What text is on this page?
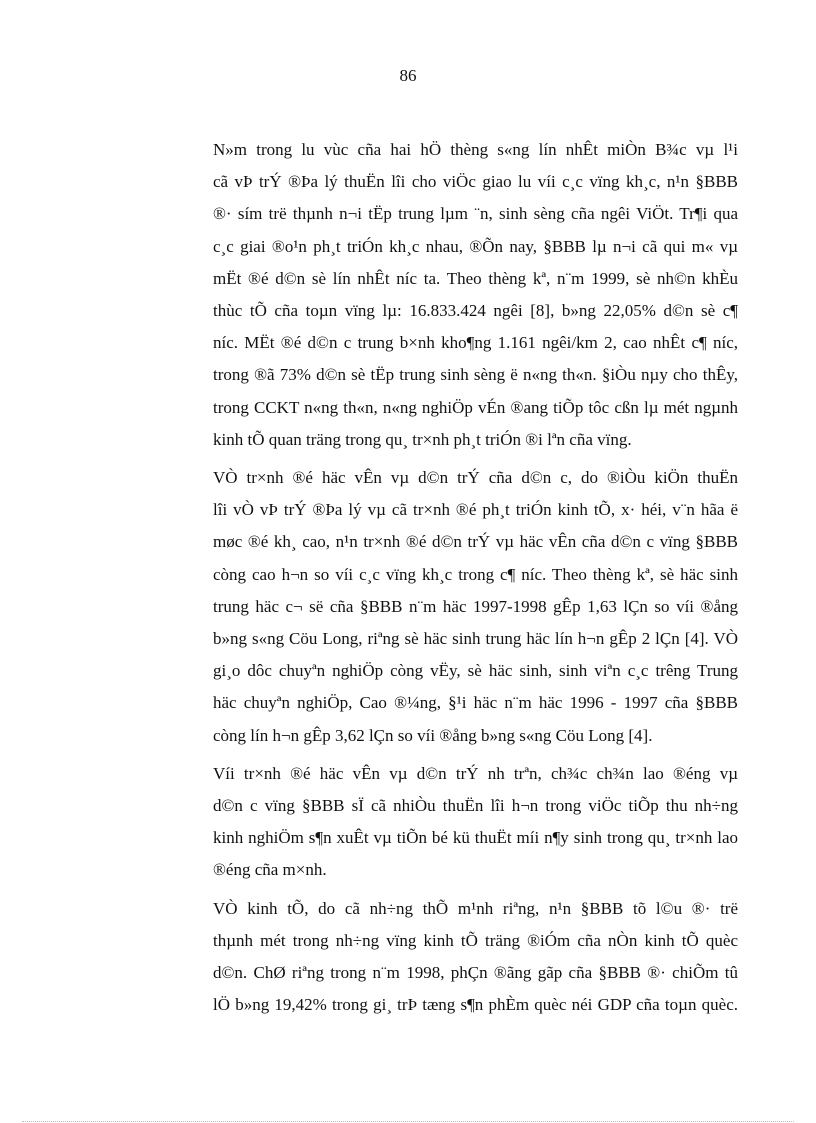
86
N»m trong lu vùc cña hai hÖ thèng s«ng lín nhÊt miÒn B¾c vµ l¹i
cã vÞ trÝ ®Þa lý thuËn lîi cho viÖc giao lu víi c¸c vïng kh¸c, n¹n §BBB
®· sím trë thµnh n¬i tËp trung lµm ¨n, sinh sèng cña ngêi ViÖt. Tr¶i qua
c¸c giai ®o¹n ph¸t triÓn kh¸c nhau, ®Õn nay, §BBB lµ n¬i cã qui m« vµ
mËt ®é d©n sè lín nhÊt níc ta. Theo thèng kª, n¨m 1999, sè nh©n khÈu
thùc tÕ cña toµn vïng lµ: 16.833.424 ngêi [8], b»ng 22,05% d©n sè c¶
níc. MËt ®é d©n c trung b×nh kho¶ng 1.161 ngêi/km 2, cao nhÊt c¶ níc,
trong ®ã 73% d©n sè tËp trung sinh sèng ë n«ng th«n. §iÒu nµy cho thÊy,
trong CCKT n«ng th«n, n«ng nghiÖp vÉn ®ang tiÕp tôc cßn lµ mét ngµnh
kinh tÕ quan träng trong qu¸ tr×nh ph¸t triÓn ®i lªn cña vïng.
VÒ tr×nh ®é häc vÊn vµ d©n trÝ cña d©n c, do ®iÒu kiÖn thuËn
lîi vÒ vÞ trÝ ®Þa lý vµ cã tr×nh ®é ph¸t triÓn kinh tÕ, x· héi, v¨n hãa ë
møc ®é kh¸ cao, n¹n tr×nh ®é d©n trÝ vµ häc vÊn cña d©n c vïng §BBB
còng cao h¬n so víi c¸c vïng kh¸c trong c¶ níc. Theo thèng kª, sè häc sinh
trung häc c¬ së cña §BBB n¨m häc 1997-1998 gÊp 1,63 lÇn so víi ®ång
b»ng s«ng Cöu Long, riªng sè häc sinh trung häc lín h¬n gÊp 2 lÇn [4]. VÒ
gi¸o dôc chuyªn nghiÖp còng vËy, sè häc sinh, sinh viªn c¸c trêng Trung
häc chuyªn nghiÖp, Cao ®¼ng, §¹i häc n¨m häc 1996 - 1997 cña §BBB
còng lín h¬n gÊp 3,62 lÇn so víi ®ång b»ng s«ng Cöu Long [4].
Víi tr×nh ®é häc vÊn vµ d©n trÝ nh trªn, ch¾c ch¾n lao ®éng vµ
d©n c vïng §BBB sÏ cã nhiÒu thuËn lîi h¬n trong viÖc tiÕp thu nh÷ng
kinh nghiÖm s¶n xuÊt vµ tiÕn bé kü thuËt míi n¶y sinh trong qu¸ tr×nh lao
®éng cña m×nh.
VÒ kinh tÕ, do cã nh÷ng thÕ m¹nh riªng, n¹n §BBB tõ l©u ®· trë
thµnh mét trong nh÷ng vïng kinh tÕ träng ®iÓm cña nÒn kinh tÕ quèc
d©n. ChØ riªng trong n¨m 1998, phÇn ®ãng gãp cña §BBB ®· chiÕm tû
lÖ b»ng 19,42% trong gi¸ trÞ tæng s¶n phÈm quèc néi GDP cña toµn quèc.
